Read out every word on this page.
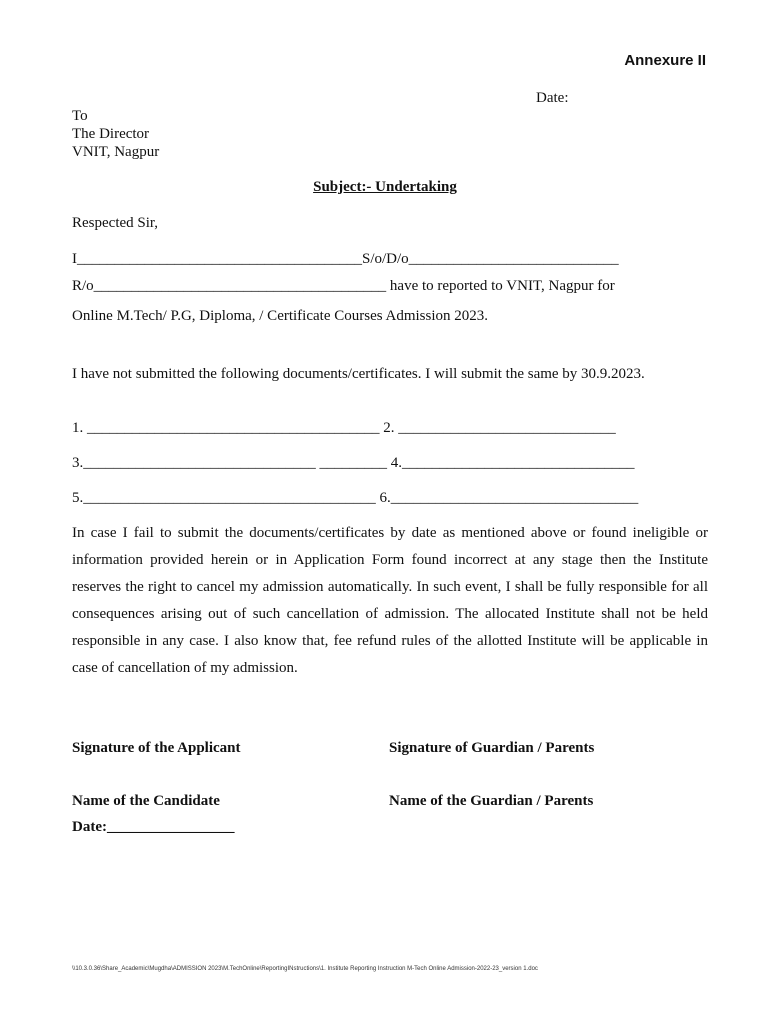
Annexure II
Date:
To
The Director
VNIT, Nagpur
Subject:- Undertaking
Respected Sir,
I______________________________________S/o/D/o____________________________
R/o_______________________________________ have to reported to VNIT, Nagpur for
Online M.Tech/ P.G, Diploma, / Certificate Courses Admission 2023.
I have not submitted the following documents/certificates. I will submit the same by 30.9.2023.
1. _______________________________________ 2. _____________________________
3._______________________________ _________ 4._______________________________
5._______________________________________ 6._________________________________
In case I fail to submit the documents/certificates by date as mentioned above or found ineligible or information provided herein or in Application Form found incorrect at any stage then the Institute reserves the right to cancel my admission automatically. In such event, I shall be fully responsible for all consequences arising out of such cancellation of admission. The allocated Institute shall not be held responsible in any case. I also know that, fee refund rules of the allotted Institute will be applicable in case of cancellation of my admission.
Signature of the Applicant	Signature of Guardian / Parents
Name of the Candidate	Name of the Guardian / Parents
Date:_________________
\\10.3.0.36\Share_Academic\Mugdha\ADMISSION 2023\M.TechOnline\ReportingINstructions\1. Institute Reporting Instruction M-Tech Online Admission-2022-23_version 1.doc
